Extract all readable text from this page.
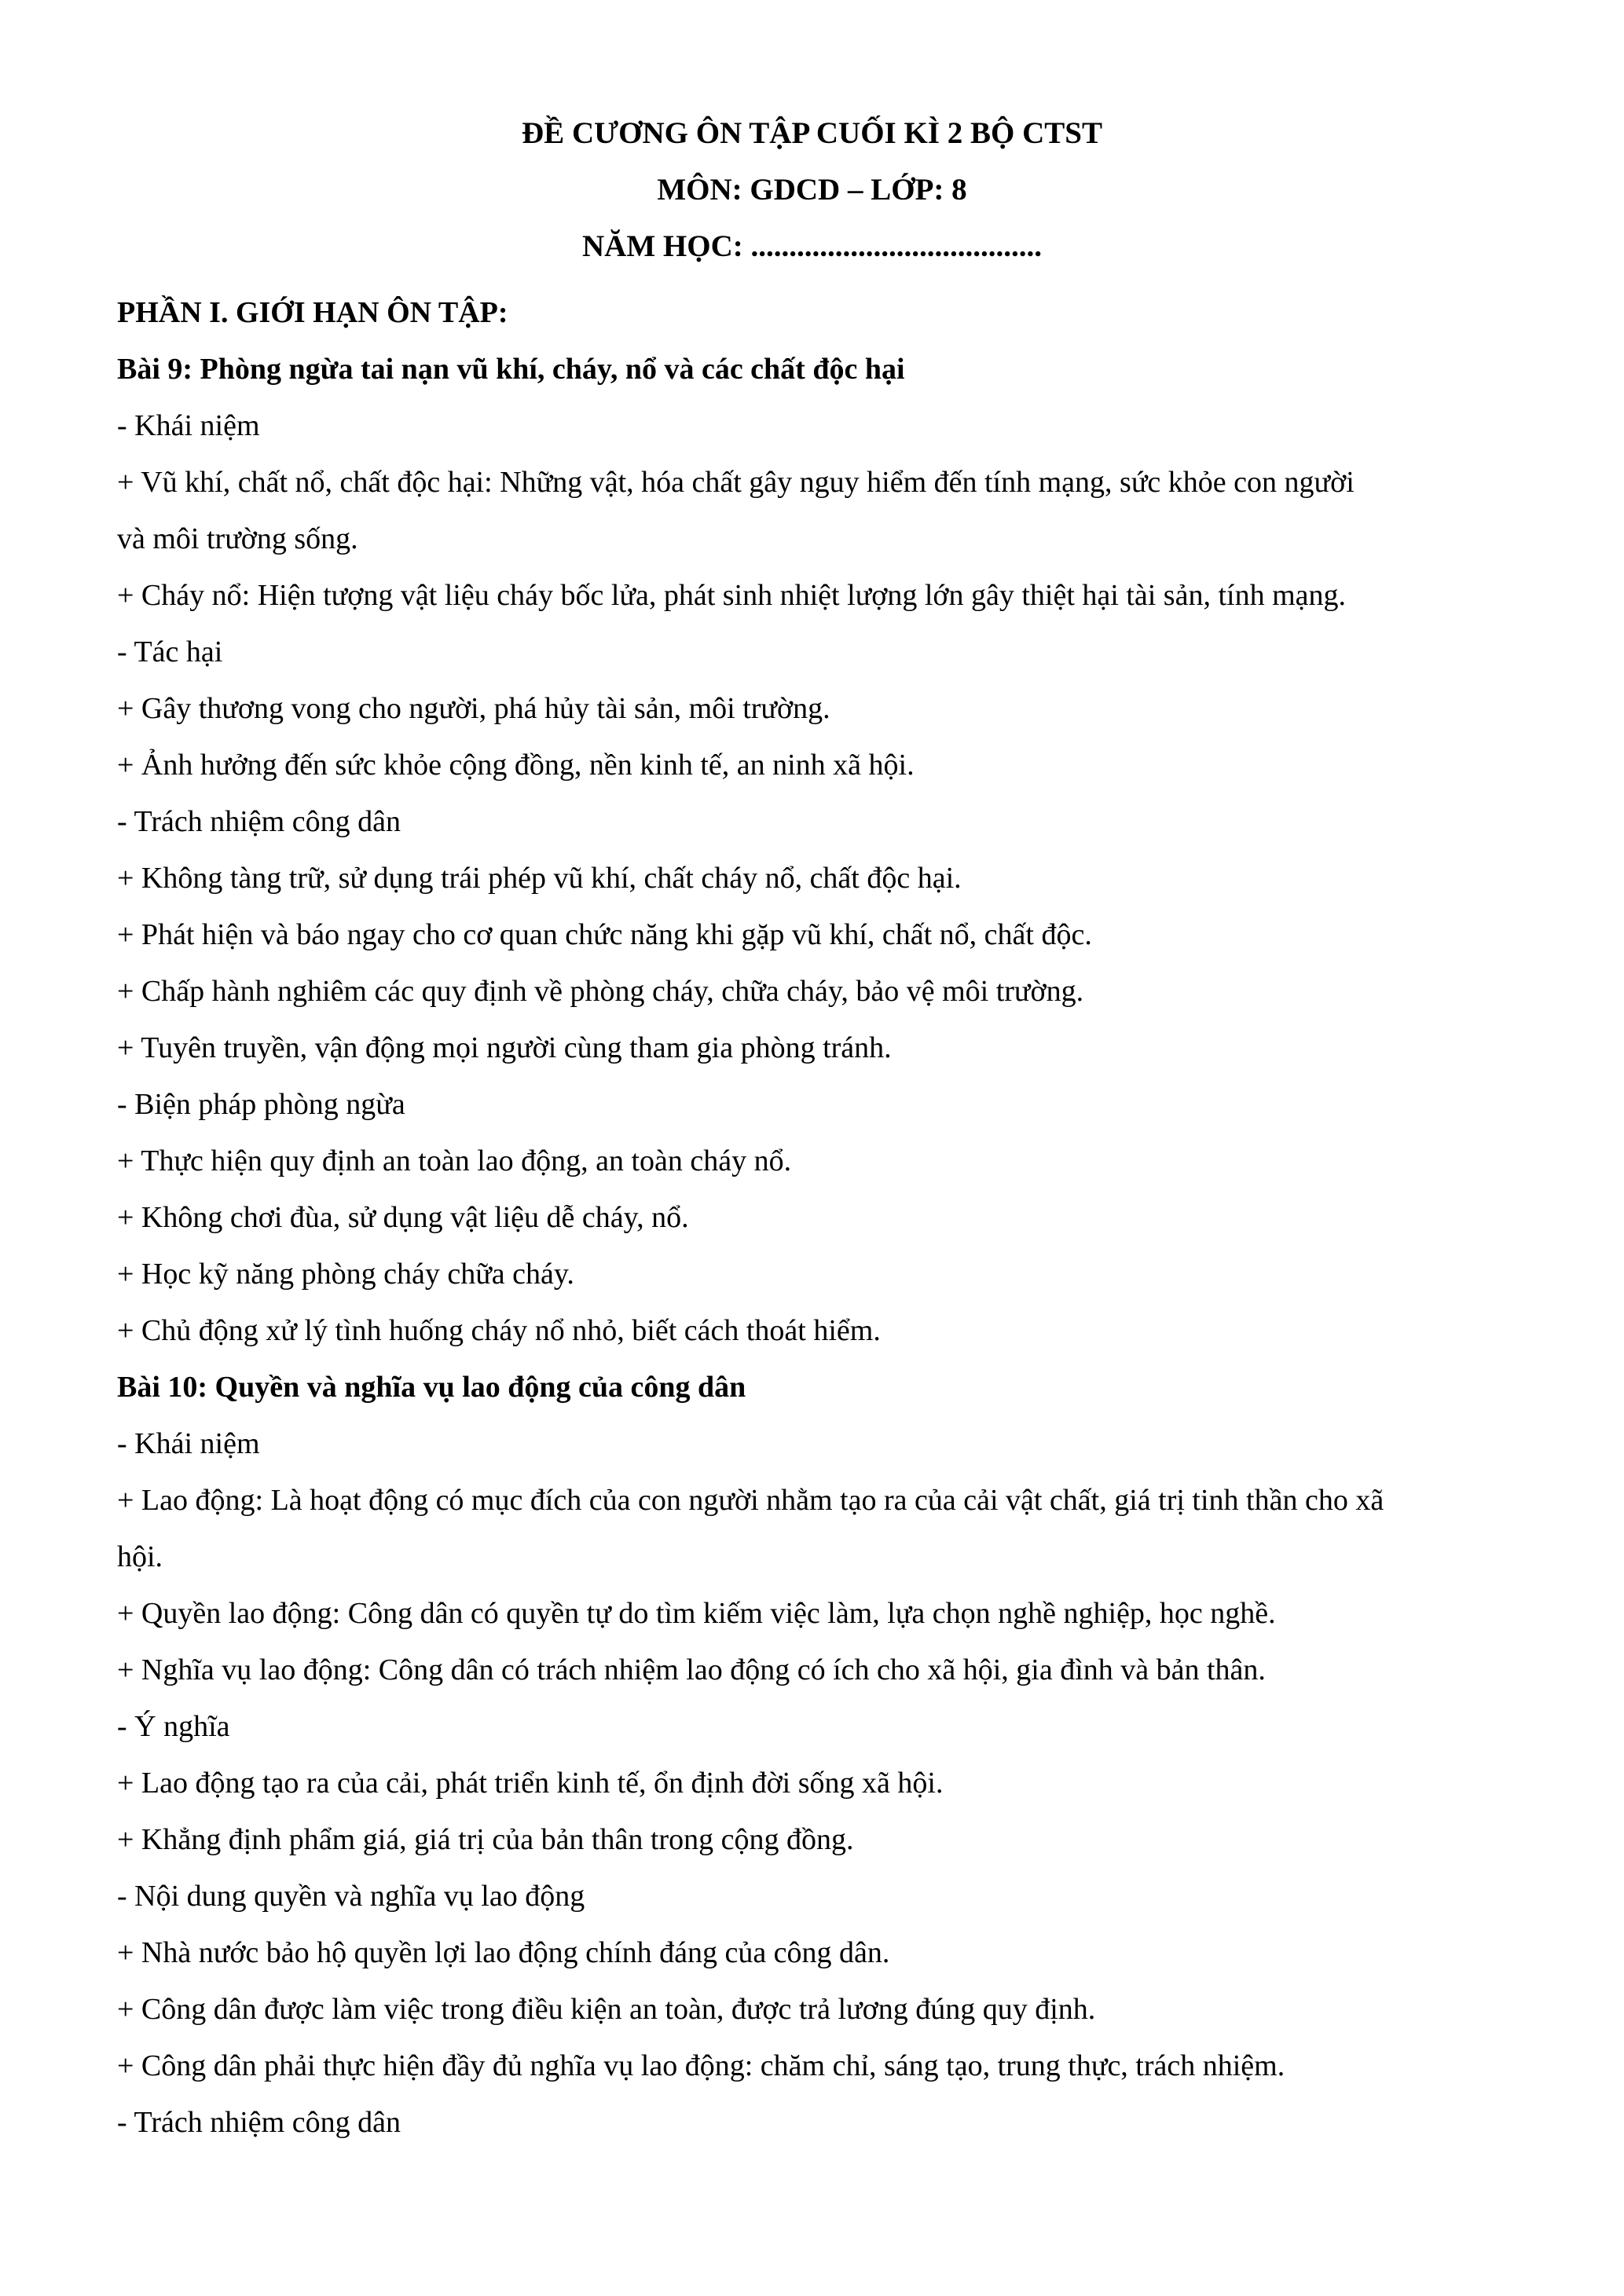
ĐỀ CƯƠNG ÔN TẬP CUỐI KÌ 2 BỘ CTST
MÔN: GDCD – LỚP: 8
NĂM HỌC: ......................................
PHẦN I. GIỚI HẠN ÔN TẬP:
Bài 9: Phòng ngừa tai nạn vũ khí, cháy, nổ và các chất độc hại
- Khái niệm
+ Vũ khí, chất nổ, chất độc hại: Những vật, hóa chất gây nguy hiểm đến tính mạng, sức khỏe con người
và môi trường sống.
+ Cháy nổ: Hiện tượng vật liệu cháy bốc lửa, phát sinh nhiệt lượng lớn gây thiệt hại tài sản, tính mạng.
- Tác hại
+ Gây thương vong cho người, phá hủy tài sản, môi trường.
+ Ảnh hưởng đến sức khỏe cộng đồng, nền kinh tế, an ninh xã hội.
- Trách nhiệm công dân
+ Không tàng trữ, sử dụng trái phép vũ khí, chất cháy nổ, chất độc hại.
+ Phát hiện và báo ngay cho cơ quan chức năng khi gặp vũ khí, chất nổ, chất độc.
+ Chấp hành nghiêm các quy định về phòng cháy, chữa cháy, bảo vệ môi trường.
+ Tuyên truyền, vận động mọi người cùng tham gia phòng tránh.
- Biện pháp phòng ngừa
+ Thực hiện quy định an toàn lao động, an toàn cháy nổ.
+ Không chơi đùa, sử dụng vật liệu dễ cháy, nổ.
+ Học kỹ năng phòng cháy chữa cháy.
+ Chủ động xử lý tình huống cháy nổ nhỏ, biết cách thoát hiểm.
Bài 10: Quyền và nghĩa vụ lao động của công dân
- Khái niệm
+ Lao động: Là hoạt động có mục đích của con người nhằm tạo ra của cải vật chất, giá trị tinh thần cho xã
hội.
+ Quyền lao động: Công dân có quyền tự do tìm kiếm việc làm, lựa chọn nghề nghiệp, học nghề.
+ Nghĩa vụ lao động: Công dân có trách nhiệm lao động có ích cho xã hội, gia đình và bản thân.
- Ý nghĩa
+ Lao động tạo ra của cải, phát triển kinh tế, ổn định đời sống xã hội.
+ Khẳng định phẩm giá, giá trị của bản thân trong cộng đồng.
- Nội dung quyền và nghĩa vụ lao động
+ Nhà nước bảo hộ quyền lợi lao động chính đáng của công dân.
+ Công dân được làm việc trong điều kiện an toàn, được trả lương đúng quy định.
+ Công dân phải thực hiện đầy đủ nghĩa vụ lao động: chăm chỉ, sáng tạo, trung thực, trách nhiệm.
- Trách nhiệm công dân
